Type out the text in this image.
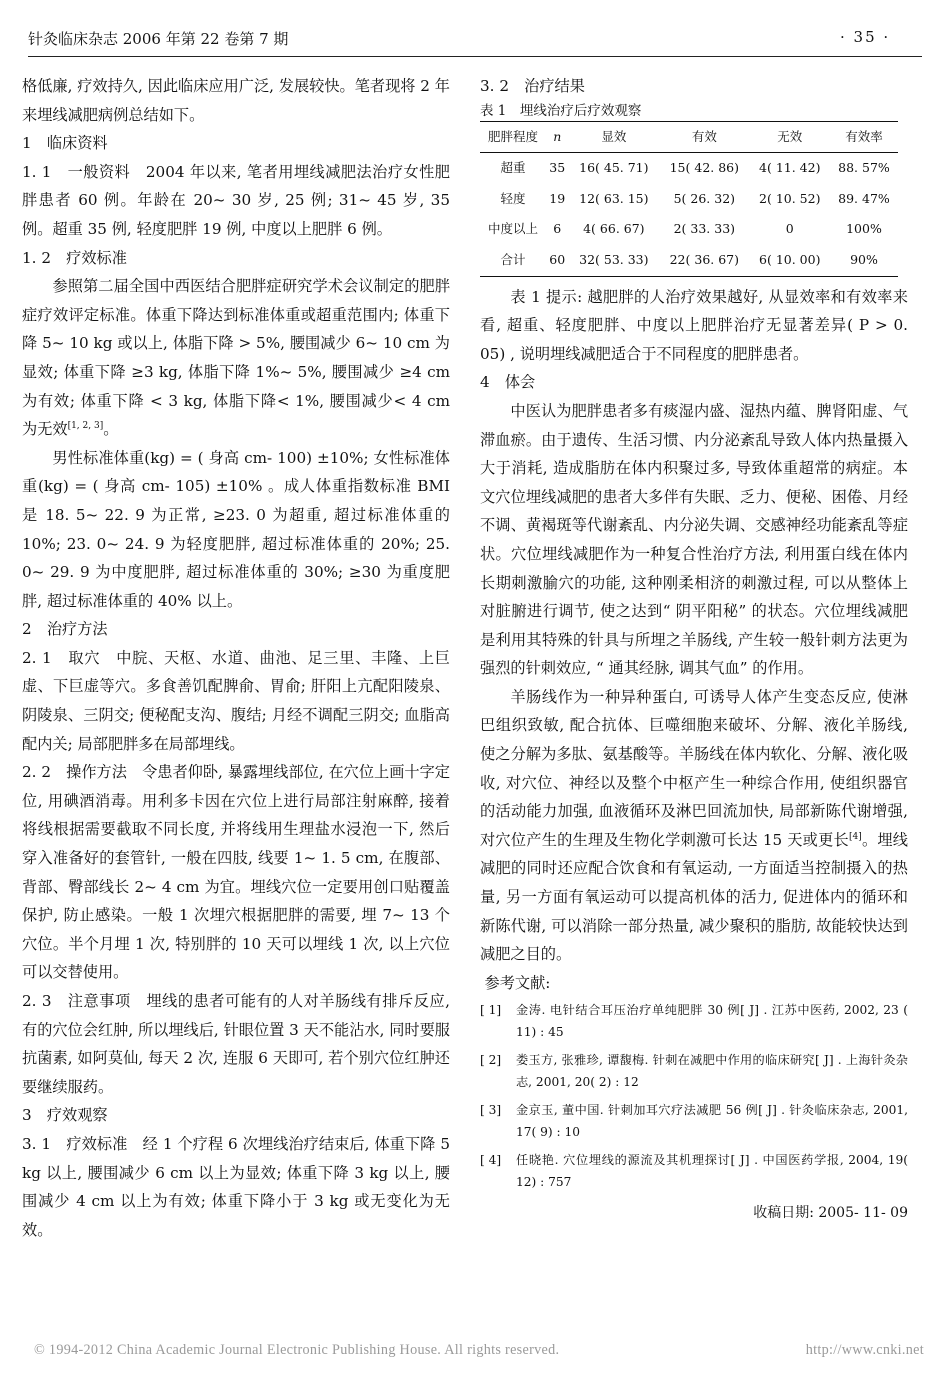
针灸临床杂志 2006 年第 22 卷第 7 期	· 35 ·

格低廉, 疗效持久, 因此临床应用广泛, 发展较快。笔者现将 2 年来埋线减肥病例总结如下。

1　临床资料

1. 1　一般资料　2004 年以来, 笔者用埋线减肥法治疗女性肥胖患者 60 例。年龄在 20~ 30 岁, 25 例; 31~ 45 岁, 35 例。超重 35 例, 轻度肥胖 19 例, 中度以上肥胖 6 例。

1. 2　疗效标准

参照第二届全国中西医结合肥胖症研究学术会议制定的肥胖症疗效评定标准。体重下降达到标准体重或超重范围内; 体重下降 5~ 10 kg 或以上, 体脂下降 > 5%, 腰围减少 6~ 10 cm 为显效; 体重下降 ≥3 kg, 体脂下降 1%~ 5%, 腰围减少 ≥4 cm 为有效; 体重下降 < 3 kg, 体脂下降< 1%, 腰围减少< 4 cm 为无效[1, 2, 3]。

男性标准体重(kg) = ( 身高 cm- 100) ±10%; 女性标准体重(kg) = ( 身高 cm- 105) ±10% 。成人体重指数标准 BMI 是 18. 5~ 22. 9 为正常, ≥23. 0 为超重, 超过标准体重的 10%; 23. 0~ 24. 9 为轻度肥胖, 超过标准体重的 20%; 25. 0~ 29. 9 为中度肥胖, 超过标准体重的 30%; ≥30 为重度肥胖, 超过标准体重的 40% 以上。

2　治疗方法

2. 1　取穴　中脘、天枢、水道、曲池、足三里、丰隆、上巨虚、下巨虚等穴。多食善饥配脾俞、胃俞; 肝阳上亢配阳陵泉、阴陵泉、三阴交; 便秘配支沟、腹结; 月经不调配三阴交; 血脂高配内关; 局部肥胖多在局部埋线。

2. 2　操作方法　令患者仰卧, 暴露埋线部位, 在穴位上画十字定位, 用碘酒消毒。用利多卡因在穴位上进行局部注射麻醉, 接着将线根据需要截取不同长度, 并将线用生理盐水浸泡一下, 然后穿入准备好的套管针, 一般在四肢, 线要 1~ 1. 5 cm, 在腹部、背部、臀部线长 2~ 4 cm 为宜。埋线穴位一定要用创口贴覆盖保护, 防止感染。一般 1 次埋穴根据肥胖的需要, 埋 7~ 13 个穴位。半个月埋 1 次, 特别胖的 10 天可以埋线 1 次, 以上穴位可以交替使用。

2. 3　注意事项　埋线的患者可能有的人对羊肠线有排斥反应, 有的穴位会红肿, 所以埋线后, 针眼位置 3 天不能沾水, 同时要服抗菌素, 如阿莫仙, 每天 2 次, 连服 6 天即可, 若个别穴位红肿还要继续服药。

3　疗效观察

3. 1　疗效标准　经 1 个疗程 6 次埋线治疗结束后, 体重下降 5 kg 以上, 腰围减少 6 cm 以上为显效; 体重下降 3 kg 以上, 腰围减少 4 cm 以上为有效; 体重下降小于 3 kg 或无变化为无效。

3. 2　治疗结果

表 1　埋线治疗后疗效观察

肥胖程度	n	显效	有效	无效	有效率
超重	35	16( 45. 71)	15( 42. 86)	4( 11. 42)	88. 57%
轻度	19	12( 63. 15)	5( 26. 32)	2( 10. 52)	89. 47%
中度以上	6	4( 66. 67)	2( 33. 33)	0	100%
合计	60	32( 53. 33)	22( 36. 67)	6( 10. 00)	90%

表 1 提示: 越肥胖的人治疗效果越好, 从显效率和有效率来看, 超重、轻度肥胖、中度以上肥胖治疗无显著差异( P > 0. 05) , 说明埋线减肥适合于不同程度的肥胖患者。

4　体会

中医认为肥胖患者多有痰湿内盛、湿热内蕴、脾肾阳虚、气滞血瘀。由于遗传、生活习惯、内分泌紊乱导致人体内热量摄入大于消耗, 造成脂肪在体内积聚过多, 导致体重超常的病症。本文穴位埋线减肥的患者大多伴有失眠、乏力、便秘、困倦、月经不调、黄褐斑等代谢紊乱、内分泌失调、交感神经功能紊乱等症状。穴位埋线减肥作为一种复合性治疗方法, 利用蛋白线在体内长期刺激腧穴的功能, 这种刚柔相济的刺激过程, 可以从整体上对脏腑进行调节, 使之达到“ 阴平阳秘” 的状态。穴位埋线减肥是利用其特殊的针具与所埋之羊肠线, 产生较一般针刺方法更为强烈的针刺效应, “ 通其经脉, 调其气血” 的作用。

羊肠线作为一种异种蛋白, 可诱导人体产生变态反应, 使淋巴组织致敏, 配合抗体、巨噬细胞来破坏、分解、液化羊肠线, 使之分解为多肽、氨基酸等。羊肠线在体内软化、分解、液化吸收, 对穴位、神经以及整个中枢产生一种综合作用, 使组织器官的活动能力加强, 血液循环及淋巴回流加快, 局部新陈代谢增强, 对穴位产生的生理及生物化学刺激可长达 15 天或更长[4]。埋线减肥的同时还应配合饮食和有氧运动, 一方面适当控制摄入的热量, 另一方面有氧运动可以提高机体的活力, 促进体内的循环和新陈代谢, 可以消除一部分热量, 减少聚积的脂肪, 故能较快达到减肥之目的。

参考文献:

[ 1]	金涛. 电针结合耳压治疗单纯肥胖 30 例[ J] . 江苏中医药, 2002, 23 ( 11) : 45
[ 2]	娄玉方, 张雅珍, 谭馥梅. 针刺在减肥中作用的临床研究[ J] . 上海针灸杂志, 2001, 20( 2) : 12
[ 3]	金京玉, 董中国. 针刺加耳穴疗法减肥 56 例[ J] . 针灸临床杂志, 2001, 17( 9) : 10
[ 4]	任晓艳. 穴位埋线的源流及其机理探讨[ J] . 中国医药学报, 2004, 19( 12) : 757
收稿日期: 2005- 11- 09
© 1994-2012 China Academic Journal Electronic Publishing House. All rights reserved.	http://www.cnki.net
